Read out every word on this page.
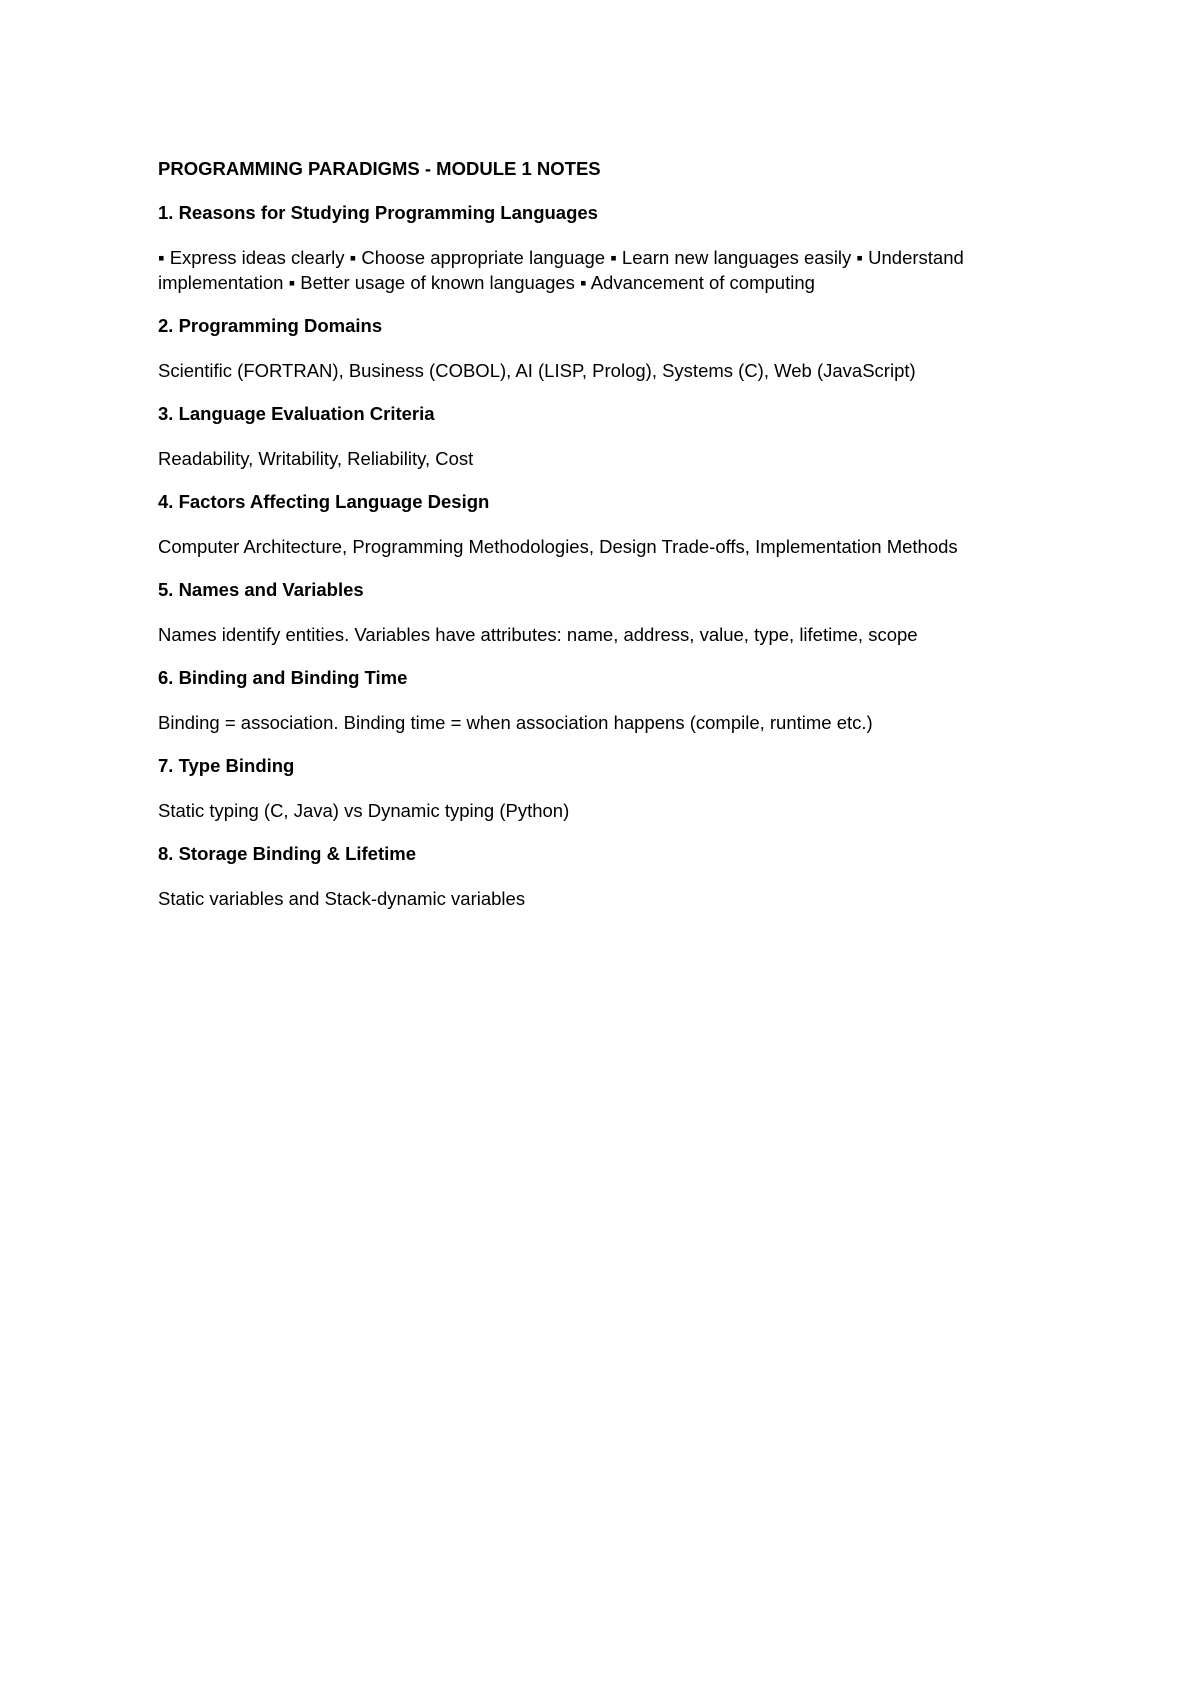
PROGRAMMING PARADIGMS - MODULE 1 NOTES
1. Reasons for Studying Programming Languages
▪ Express ideas clearly ▪ Choose appropriate language ▪ Learn new languages easily ▪ Understand implementation ▪ Better usage of known languages ▪ Advancement of computing
2. Programming Domains
Scientific (FORTRAN), Business (COBOL), AI (LISP, Prolog), Systems (C), Web (JavaScript)
3. Language Evaluation Criteria
Readability, Writability, Reliability, Cost
4. Factors Affecting Language Design
Computer Architecture, Programming Methodologies, Design Trade-offs, Implementation Methods
5. Names and Variables
Names identify entities. Variables have attributes: name, address, value, type, lifetime, scope
6. Binding and Binding Time
Binding = association. Binding time = when association happens (compile, runtime etc.)
7. Type Binding
Static typing (C, Java) vs Dynamic typing (Python)
8. Storage Binding & Lifetime
Static variables and Stack-dynamic variables
